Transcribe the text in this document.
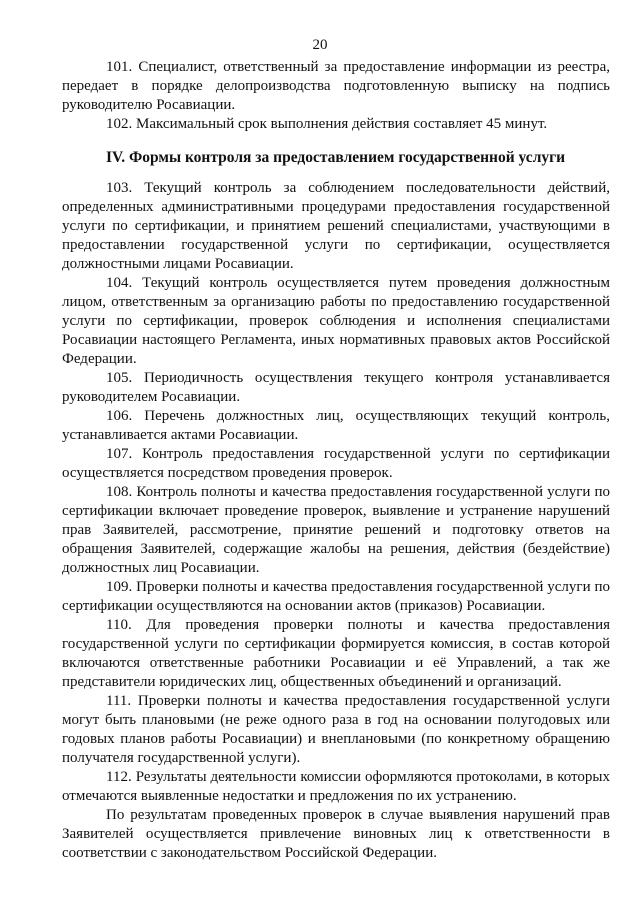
20

101. Специалист, ответственный за предоставление информации из реестра, передает в порядке делопроизводства подготовленную выписку на подпись руководителю Росавиации.

102. Максимальный срок выполнения действия составляет 45 минут.

IV. Формы контроля за предоставлением государственной услуги

103. Текущий контроль за соблюдением последовательности действий, определенных административными процедурами предоставления государственной услуги по сертификации, и принятием решений специалистами, участвующими в предоставлении государственной услуги по сертификации, осуществляется должностными лицами Росавиации.

104. Текущий контроль осуществляется путем проведения должностным лицом, ответственным за организацию работы по предоставлению государственной услуги по сертификации, проверок соблюдения и исполнения специалистами Росавиации настоящего Регламента, иных нормативных правовых актов Российской Федерации.

105. Периодичность осуществления текущего контроля устанавливается руководителем Росавиации.

106. Перечень должностных лиц, осуществляющих текущий контроль, устанавливается актами Росавиации.

107. Контроль предоставления государственной услуги по сертификации осуществляется посредством проведения проверок.

108. Контроль полноты и качества предоставления государственной услуги по сертификации включает проведение проверок, выявление и устранение нарушений прав Заявителей, рассмотрение, принятие решений и подготовку ответов на обращения Заявителей, содержащие жалобы на решения, действия (бездействие) должностных лиц Росавиации.

109. Проверки полноты и качества предоставления государственной услуги по сертификации осуществляются на основании актов (приказов) Росавиации.

110. Для проведения проверки полноты и качества предоставления государственной услуги по сертификации формируется комиссия, в состав которой включаются ответственные работники Росавиации и её Управлений, а так же представители юридических лиц, общественных объединений и организаций.

111. Проверки полноты и качества предоставления государственной услуги могут быть плановыми (не реже одного раза в год на основании полугодовых или годовых планов работы Росавиации) и внеплановыми (по конкретному обращению получателя государственной услуги).

112. Результаты деятельности комиссии оформляются протоколами, в которых отмечаются выявленные недостатки и предложения по их устранению.

По результатам проведенных проверок в случае выявления нарушений прав Заявителей осуществляется привлечение виновных лиц к ответственности в соответствии с законодательством Российской Федерации.
